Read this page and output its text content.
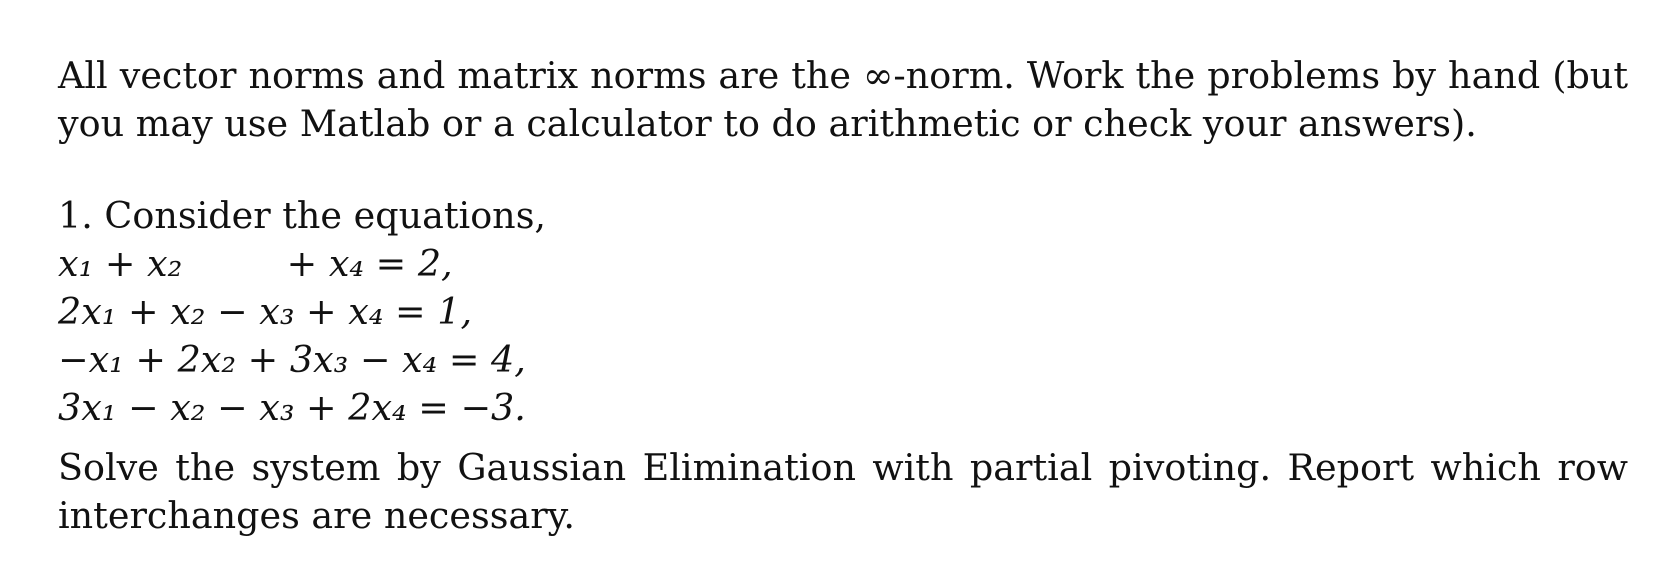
All vector norms and matrix norms are the ∞-norm. Work the problems by hand (but you may use Matlab or a calculator to do arithmetic or check your answers).

1. Consider the equations,

x₁ + x₂         + x₄ = 2,
2x₁ + x₂ − x₃ + x₄ = 1,
−x₁ + 2x₂ + 3x₃ − x₄ = 4,
3x₁ − x₂ − x₃ + 2x₄ = −3.

Solve the system by Gaussian Elimination with partial pivoting. Report which row interchanges are necessary.
